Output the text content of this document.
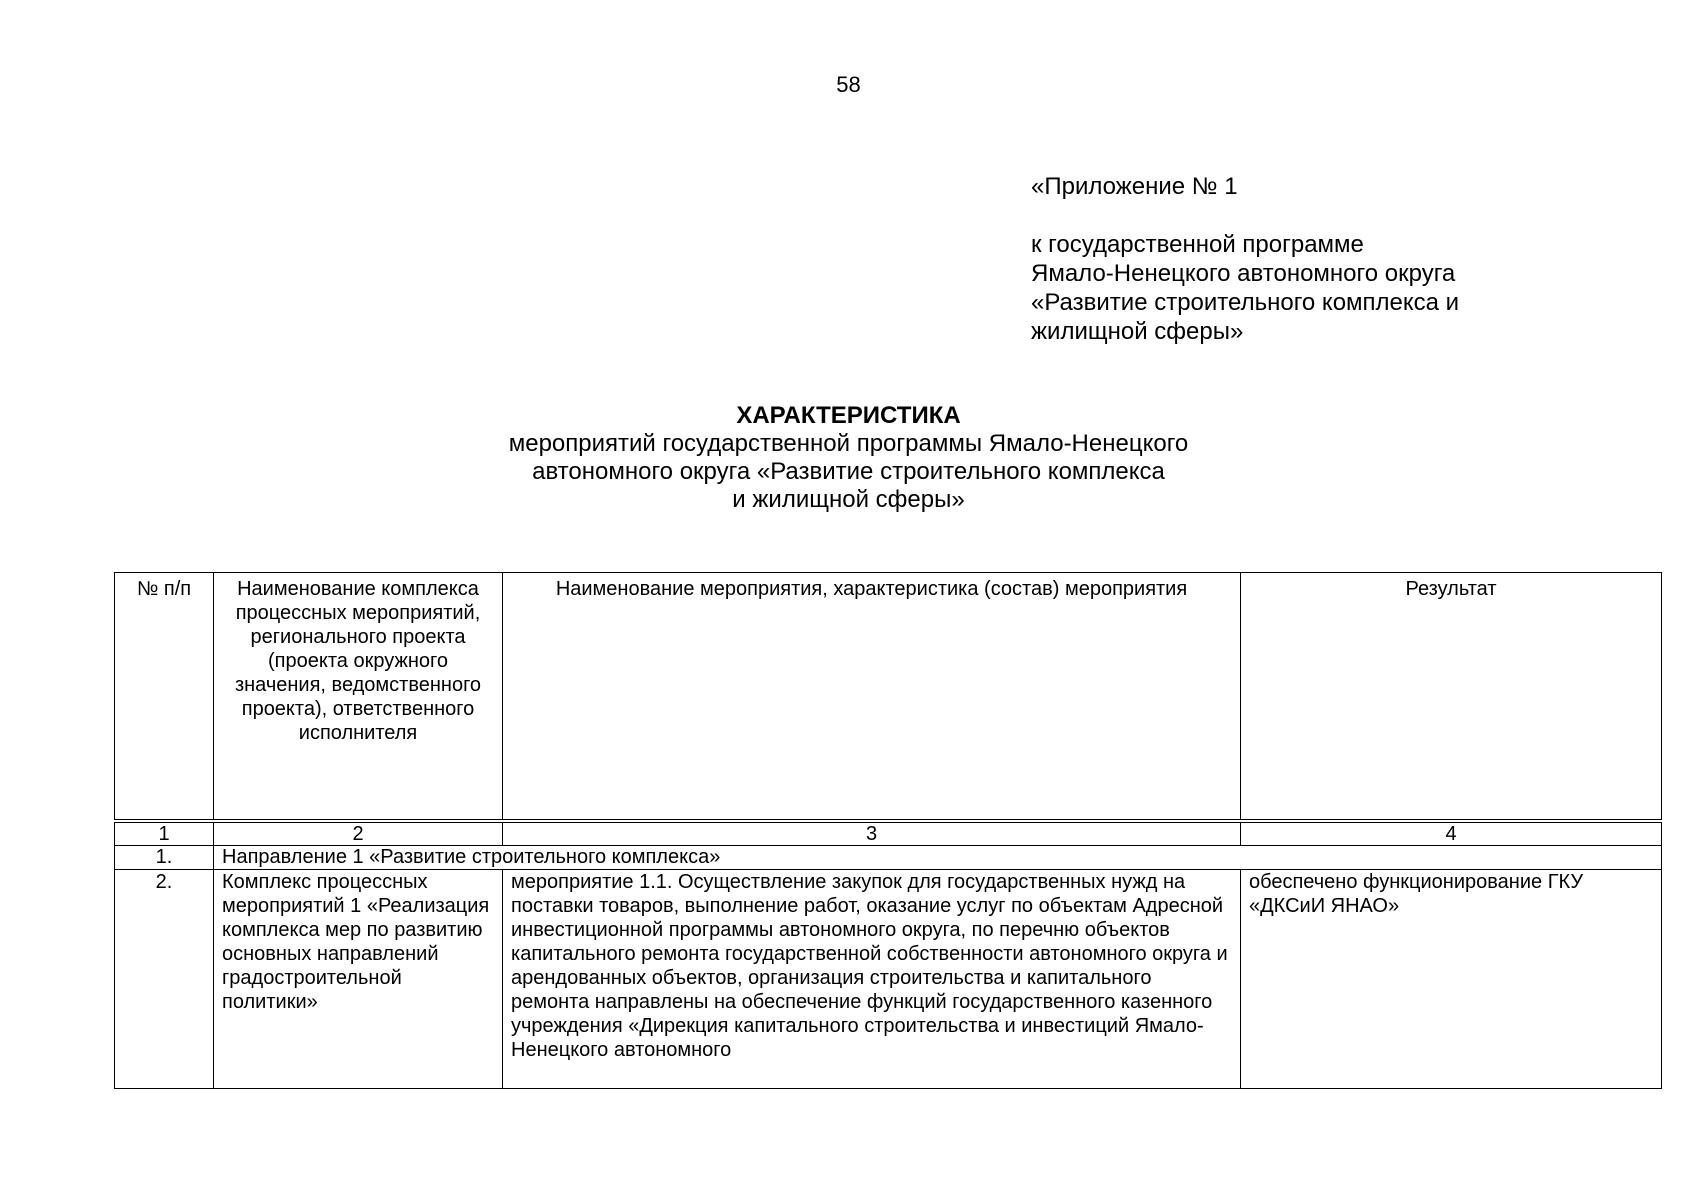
58
«Приложение № 1
к государственной программе
Ямало-Ненецкого автономного округа
«Развитие строительного комплекса и
жилищной сферы»
ХАРАКТЕРИСТИКА
мероприятий государственной программы Ямало-Ненецкого
автономного округа «Развитие строительного комплекса
и жилищной сферы»
№ п/п	Наименование комплекса процессных мероприятий, регионального проекта (проекта окружного значения, ведомственного проекта), ответственного исполнителя	Наименование мероприятия, характеристика (состав) мероприятия	Результат
1	2	3	4
1.	Направление 1 «Развитие строительного комплекса»		
2.	Комплекс процессных мероприятий 1 «Реализация комплекса мер по развитию основных направлений градостроительной политики»	мероприятие 1.1. Осуществление закупок для государственных нужд на поставки товаров, выполнение работ, оказание услуг по объектам Адресной инвестиционной программы автономного округа, по перечню объектов капитального ремонта государственной собственности автономного округа и арендованных объектов, организация строительства и капитального ремонта направлены на обеспечение функций государственного казенного учреждения «Дирекция капитального строительства и инвестиций Ямало-Ненецкого автономного	обеспечено функционирование ГКУ «ДКСиИ ЯНАО»
